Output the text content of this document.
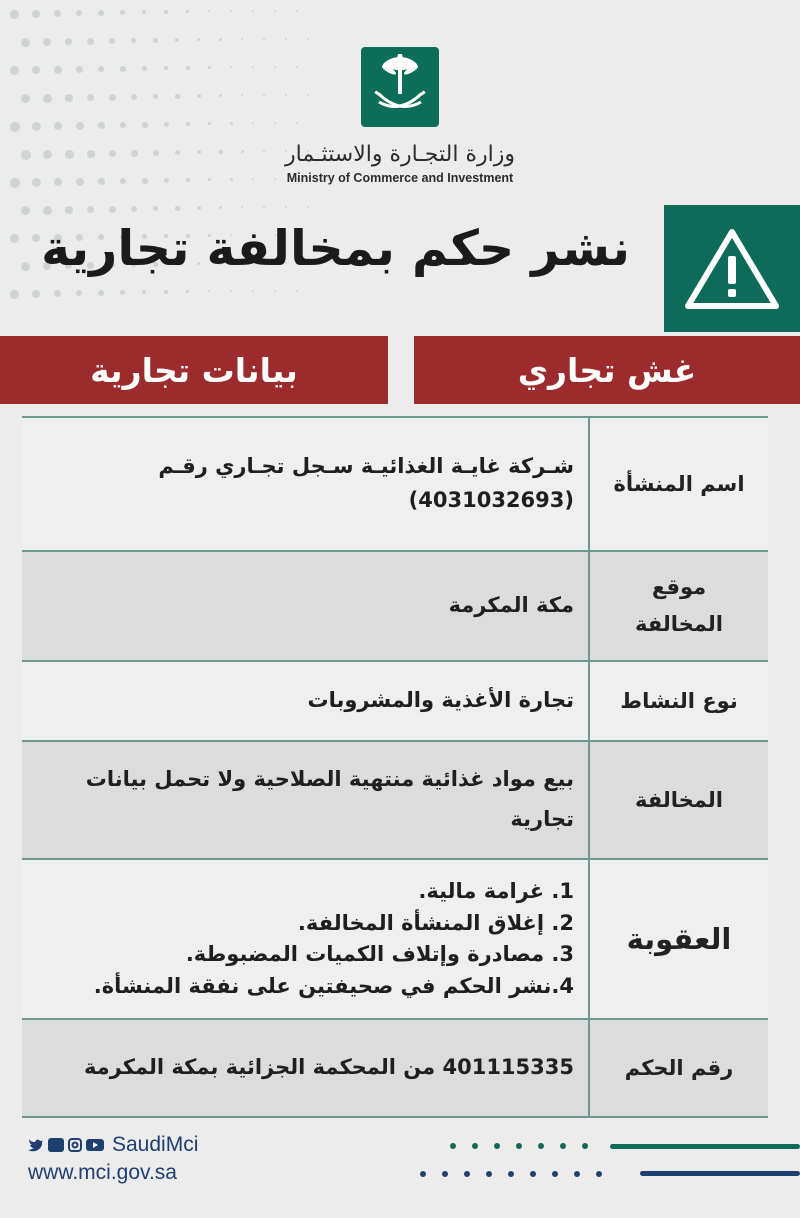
وزارة التجـارة والاستثـمار
Ministry of Commerce and Investment
نشر حكم بمخالفة تجارية
غش تجاري
بيانات تجارية
اسم المنشأة
شـركة غايـة الغذائيـة سـجل تجـاري رقـم (4031032693)
موقع المخالفة
مكة المكرمة
نوع النشاط
تجارة الأغذية والمشروبات
المخالفة
بيع مواد غذائية منتهية الصلاحية ولا تحمل بيانات تجارية
العقوبة
1. غرامة مالية.
2. إغلاق المنشأة المخالفة.
3. مصادرة وإتلاف الكميات المضبوطة.
4.نشر الحكم في صحيفتين على نفقة المنشأة.
رقم الحكم
401115335 من المحكمة الجزائية بمكة المكرمة
SaudiMci
www.mci.gov.sa
